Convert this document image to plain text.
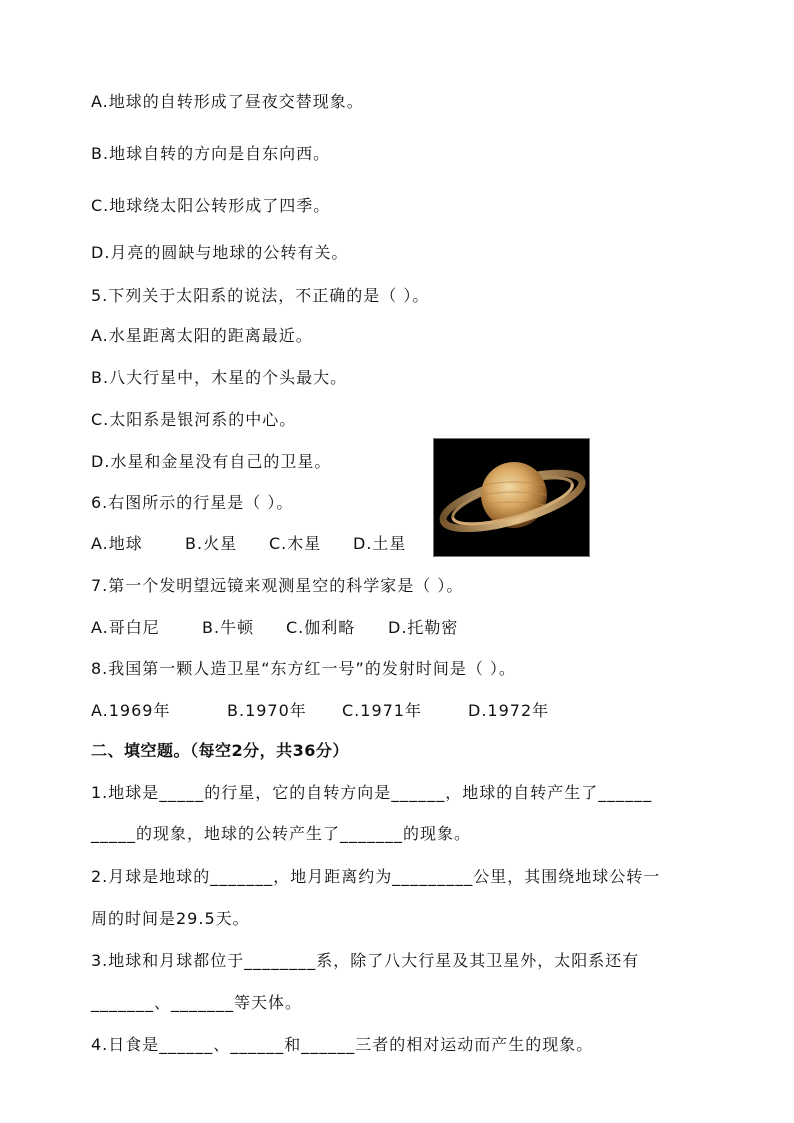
A.地球的自转形成了昼夜交替现象。
B.地球自转的方向是自东向西。
C.地球绕太阳公转形成了四季。
D.月亮的圆缺与地球的公转有关。
5.下列关于太阳系的说法，不正确的是（ ）。
A.水星距离太阳的距离最近。
B.八大行星中，木星的个头最大。
C.太阳系是银河系的中心。
D.水星和金星没有自己的卫星。
6.右图所示的行星是（ ）。
A.地球	B.火星 C.木星 D.土星
7.第一个发明望远镜来观测星空的科学家是（ ）。
A.哥白尼	B.牛顿 C.伽利略 D.托勒密
8.我国第一颗人造卫星“东方红一号”的发射时间是（ ）。
A.1969年	B.1970年 C.1971年	D.1972年
二、填空题。（每空2分，共36分）
1.地球是_____的行星，它的自转方向是______，地球的自转产生了______
_____的现象，地球的公转产生了_______的现象。
2.月球是地球的_______，地月距离约为_________公里，其围绕地球公转一
周的时间是29.5天。
3.地球和月球都位于________系，除了八大行星及其卫星外，太阳系还有
_______、_______等天体。
4.日食是______、______和______三者的相对运动而产生的现象。
